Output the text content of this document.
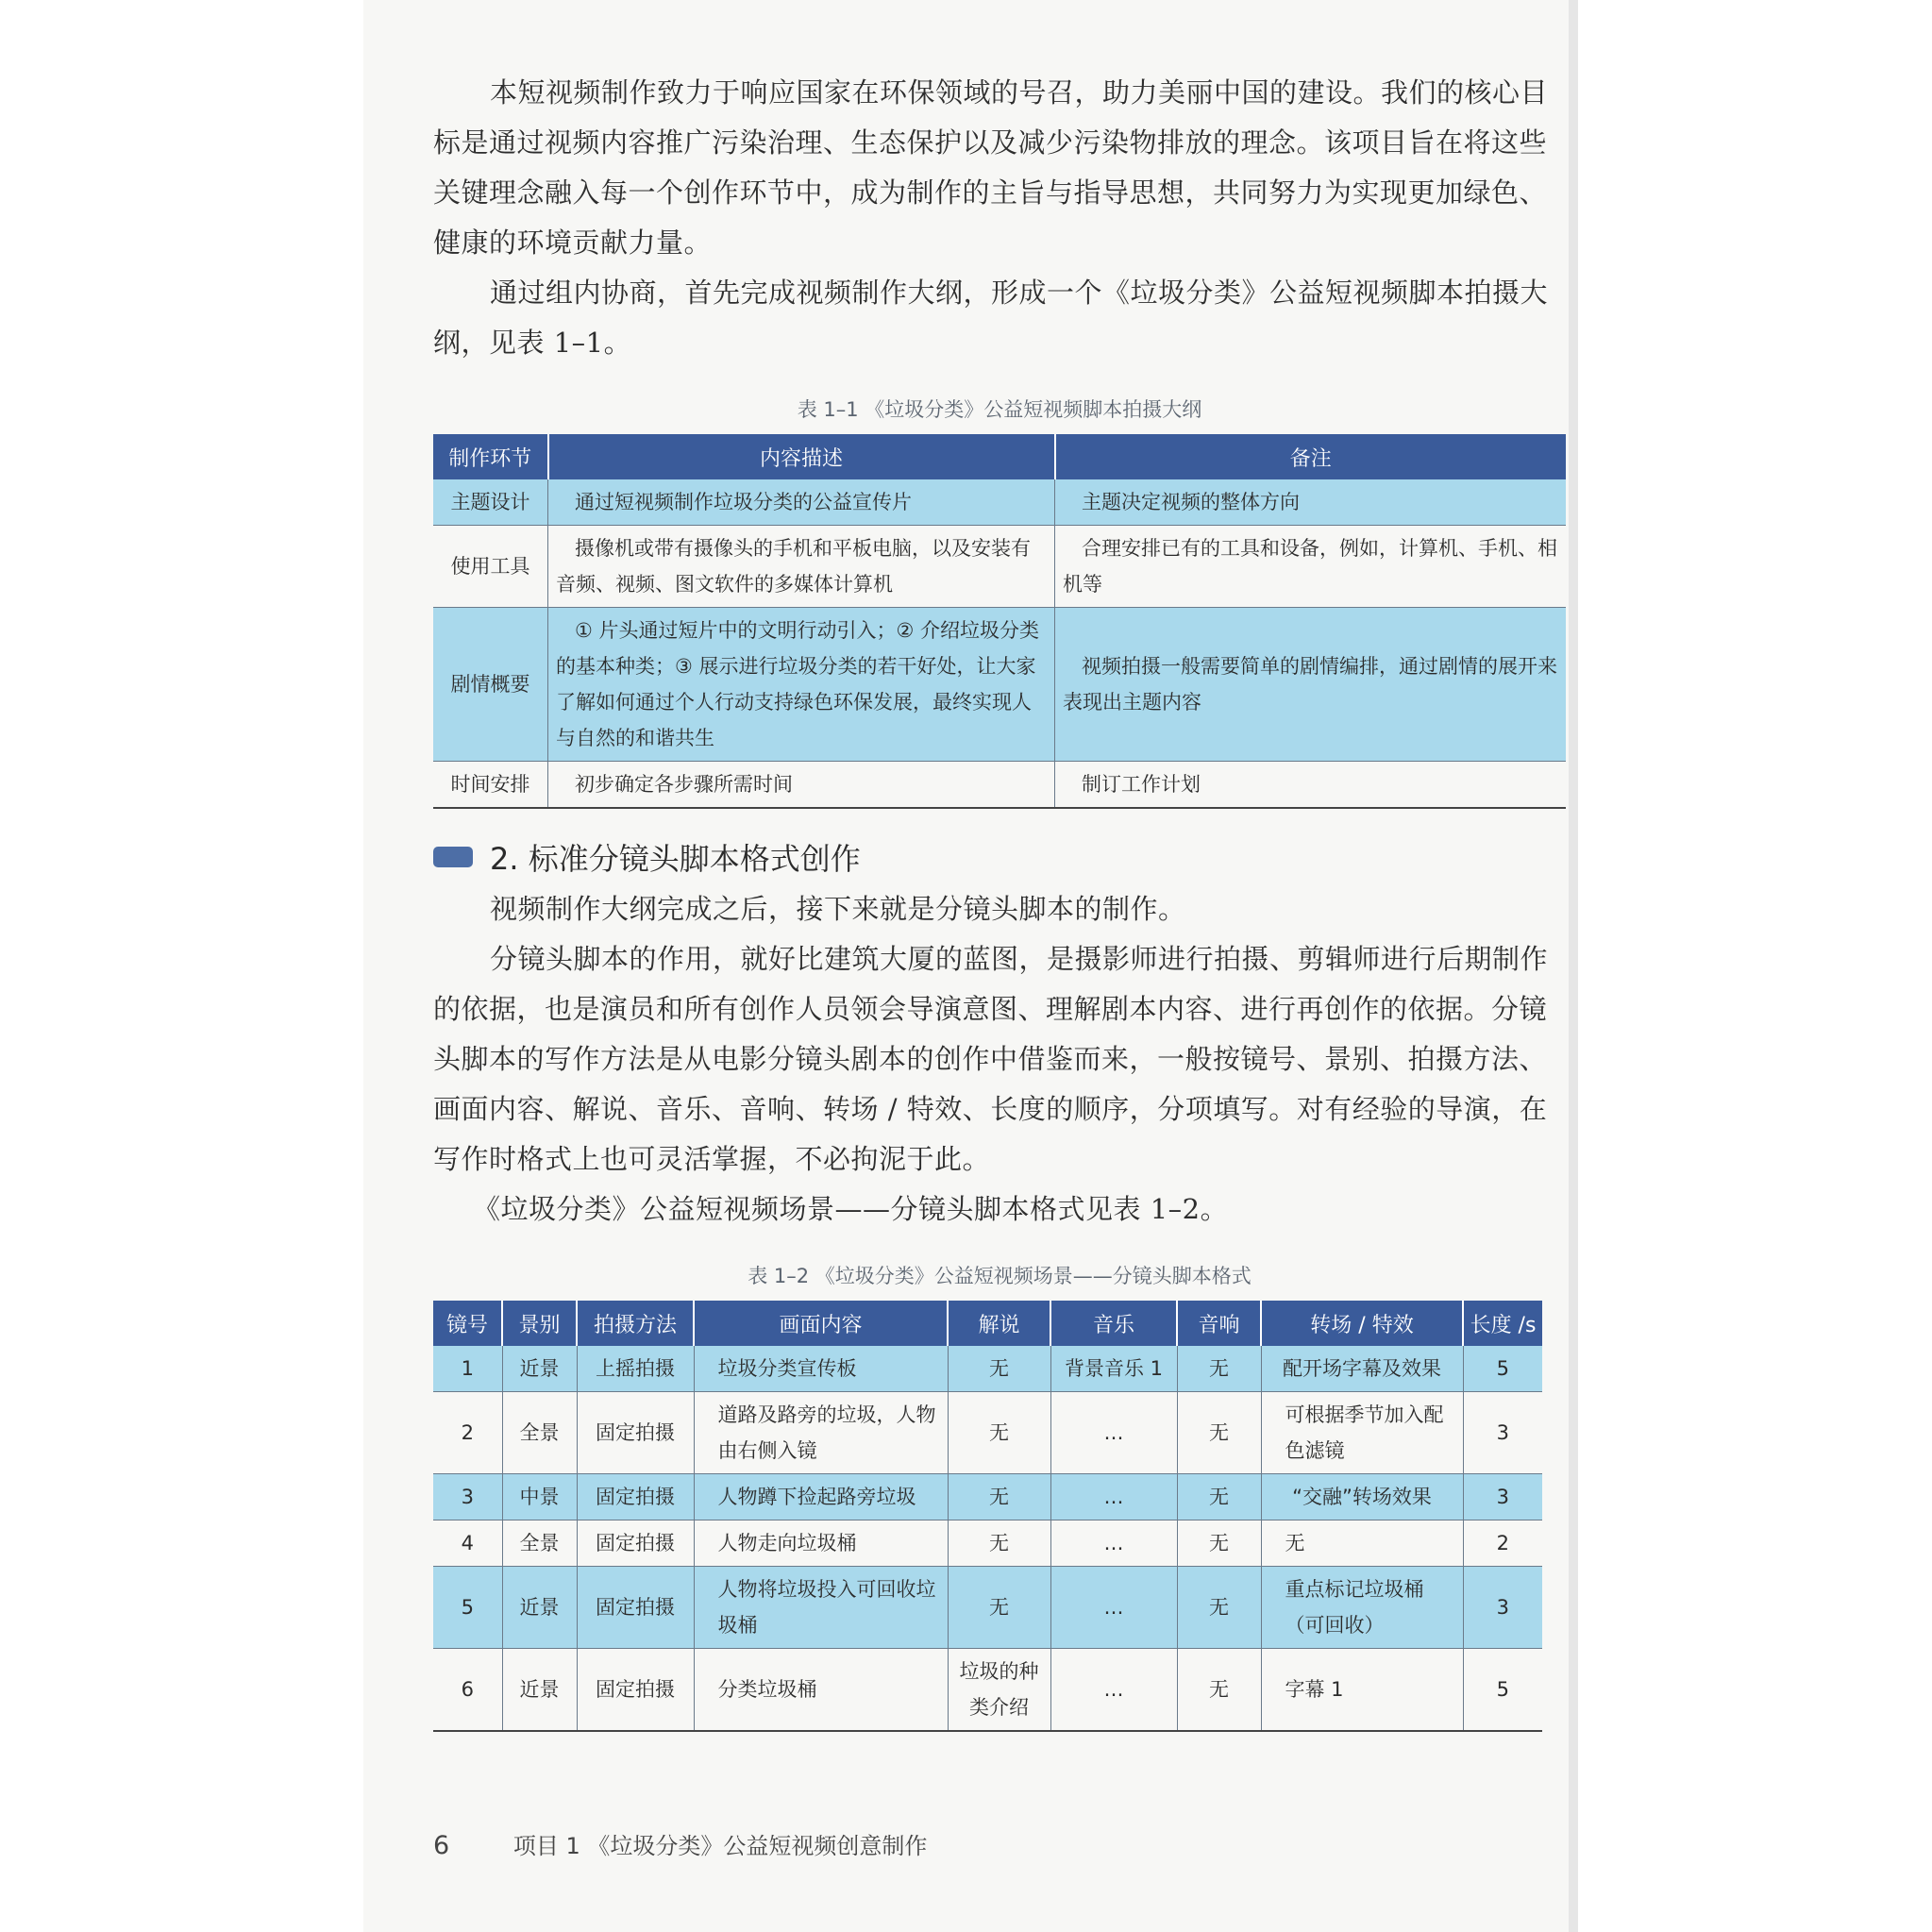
本短视频制作致力于响应国家在环保领域的号召，助力美丽中国的建设。我们的核心目标是通过视频内容推广污染治理、生态保护以及减少污染物排放的理念。该项目旨在将这些关键理念融入每一个创作环节中，成为制作的主旨与指导思想，共同努力为实现更加绿色、健康的环境贡献力量。

通过组内协商，首先完成视频制作大纲，形成一个《垃圾分类》公益短视频脚本拍摄大纲，见表 1–1。

表 1–1 《垃圾分类》公益短视频脚本拍摄大纲
制作环节	内容描述	备注
主题设计	通过短视频制作垃圾分类的公益宣传片	主题决定视频的整体方向
使用工具	摄像机或带有摄像头的手机和平板电脑，以及安装有音频、视频、图文软件的多媒体计算机	合理安排已有的工具和设备，例如，计算机、手机、相机等
剧情概要	① 片头通过短片中的文明行动引入；② 介绍垃圾分类的基本种类；③ 展示进行垃圾分类的若干好处，让大家了解如何通过个人行动支持绿色环保发展，最终实现人与自然的和谐共生	视频拍摄一般需要简单的剧情编排，通过剧情的展开来表现出主题内容
时间安排	初步确定各步骤所需时间	制订工作计划
2. 标准分镜头脚本格式创作

视频制作大纲完成之后，接下来就是分镜头脚本的制作。

分镜头脚本的作用，就好比建筑大厦的蓝图，是摄影师进行拍摄、剪辑师进行后期制作的依据，也是演员和所有创作人员领会导演意图、理解剧本内容、进行再创作的依据。分镜头脚本的写作方法是从电影分镜头剧本的创作中借鉴而来，一般按镜号、景别、拍摄方法、画面内容、解说、音乐、音响、转场 / 特效、长度的顺序，分项填写。对有经验的导演，在写作时格式上也可灵活掌握，不必拘泥于此。

《垃圾分类》公益短视频场景——分镜头脚本格式见表 1–2。

表 1–2 《垃圾分类》公益短视频场景——分镜头脚本格式
镜号	景别	拍摄方法	画面内容	解说	音乐	音响	转场 / 特效	长度 /s
1	近景	上摇拍摄	垃圾分类宣传板	无	背景音乐 1	无	配开场字幕及效果	5
2	全景	固定拍摄	道路及路旁的垃圾，人物由右侧入镜	无	…	无	可根据季节加入配色滤镜	3
3	中景	固定拍摄	人物蹲下捡起路旁垃圾	无	…	无	“交融”转场效果	3
4	全景	固定拍摄	人物走向垃圾桶	无	…	无	无	2
5	近景	固定拍摄	人物将垃圾投入可回收垃圾桶	无	…	无	重点标记垃圾桶（可回收）	3
6	近景	固定拍摄	分类垃圾桶	垃圾的种类介绍	…	无	字幕 1	5
6	项目 1 《垃圾分类》公益短视频创意制作
